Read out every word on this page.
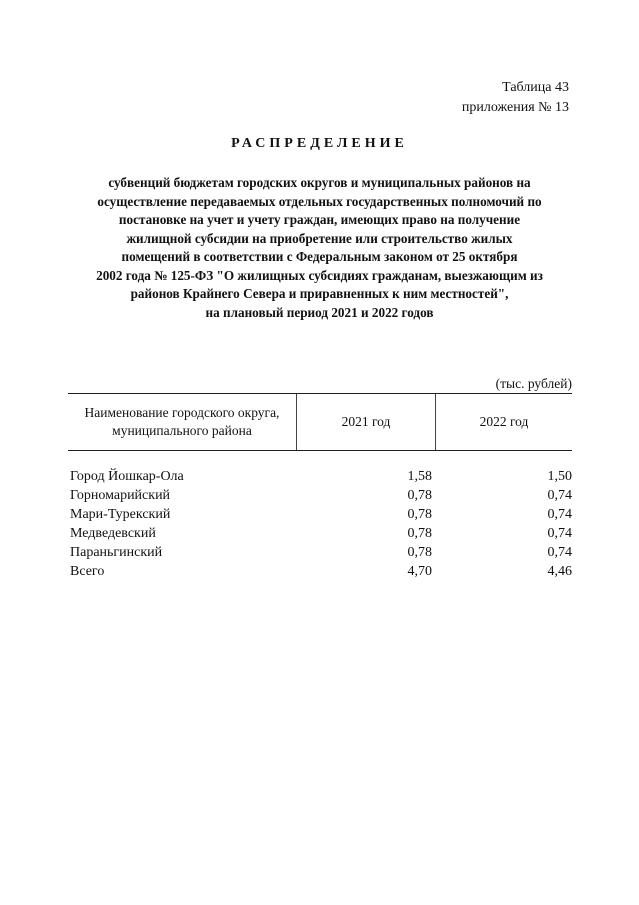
Таблица 43
приложения № 13
РАСПРЕДЕЛЕНИЕ
субвенций бюджетам городских округов и муниципальных районов на
осуществление передаваемых отдельных государственных полномочий по
постановке на учет и учету граждан, имеющих право на получение
жилищной субсидии на приобретение или строительство жилых
помещений в соответствии с Федеральным законом от 25 октября
2002 года № 125-ФЗ "О жилищных субсидиях гражданам, выезжающим из
районов Крайнего Севера и приравненных к ним местностей",
на плановый период 2021 и 2022 годов
(тыс. рублей)
Наименование городского округа,
муниципального района
2021 год	2022 год
Город Йошкар-Ола	1,58	1,50
Горномарийский	0,78	0,74
Мари-Турекский	0,78	0,74
Медведевский	0,78	0,74
Параньгинский	0,78	0,74
Всего	4,70	4,46
